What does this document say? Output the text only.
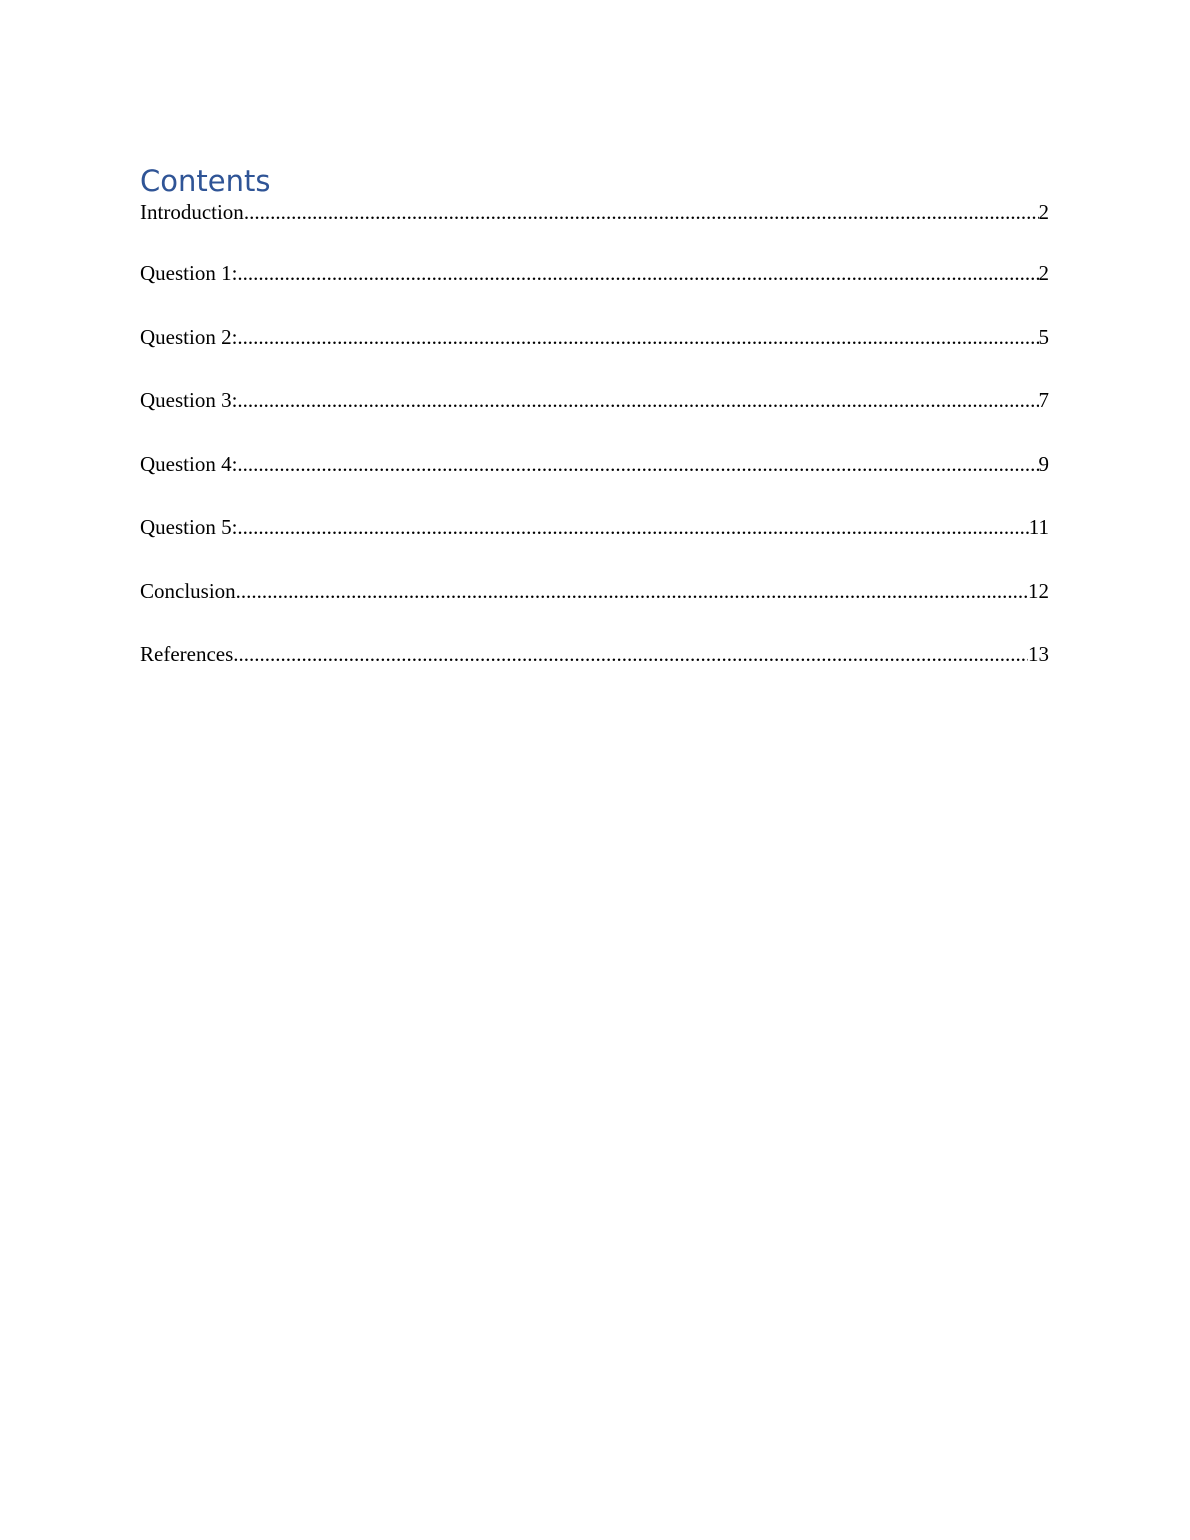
Contents
Introduction .....	2
Question 1: .....	2
Question 2: .....	5
Question 3: .....	7
Question 4: .....	9
Question 5: .....	11
Conclusion .....	12
References .....	13
